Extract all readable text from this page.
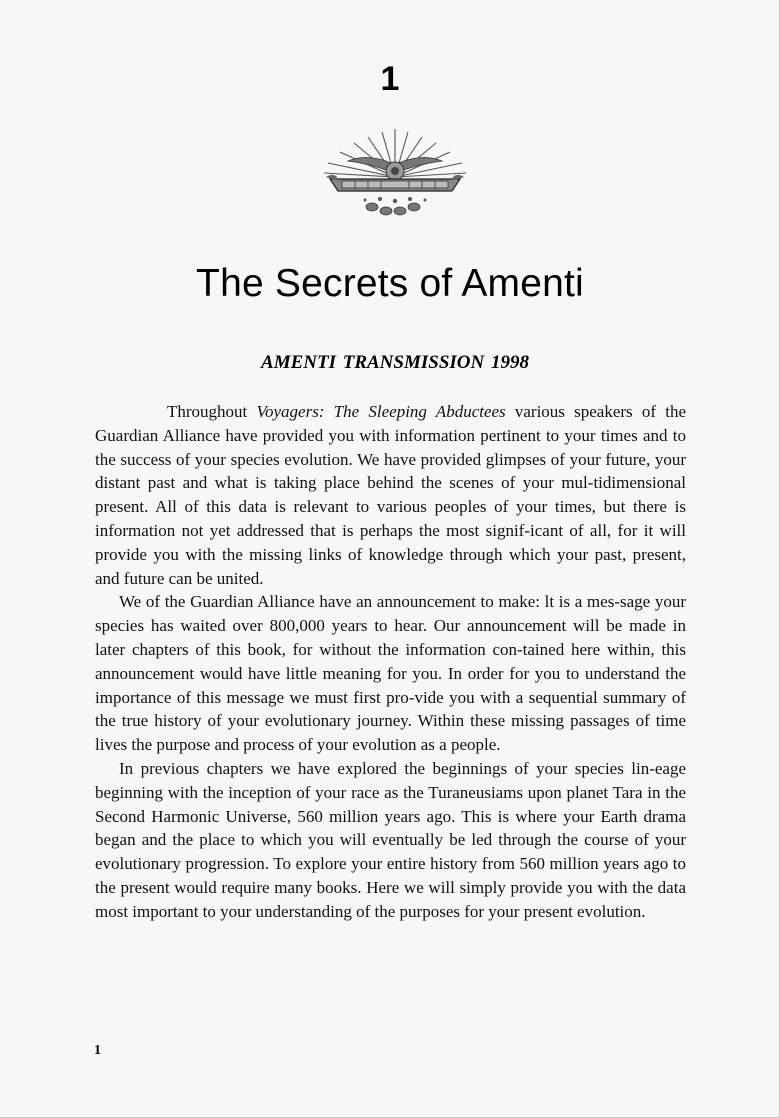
1
The Secrets of Amenti
AMENTI TRANSMISSION 1998

Throughout Voyagers: The Sleeping Abductees various speakers of the Guardian Alliance have provided you with information pertinent to your times and to the success of your species evolution. We have provided glimpses of your future, your distant past and what is taking place behind the scenes of your mul-tidimensional present. All of this data is relevant to various peoples of your times, but there is information not yet addressed that is perhaps the most signif-icant of all, for it will provide you with the missing links of knowledge through which your past, present, and future can be united.

We of the Guardian Alliance have an announcement to make: lt is a mes-sage your species has waited over 800,000 years to hear. Our announcement will be made in later chapters of this book, for without the information con-tained here within, this announcement would have little meaning for you. In order for you to understand the importance of this message we must first pro-vide you with a sequential summary of the true history of your evolutionary journey. Within these missing passages of time lives the purpose and process of your evolution as a people.

In previous chapters we have explored the beginnings of your species lin-eage beginning with the inception of your race as the Turaneusiams upon planet Tara in the Second Harmonic Universe, 560 million years ago. This is where your Earth drama began and the place to which you will eventually be led through the course of your evolutionary progression. To explore your entire history from 560 million years ago to the present would require many books. Here we will simply provide you with the data most important to your understanding of the purposes for your present evolution.

1
